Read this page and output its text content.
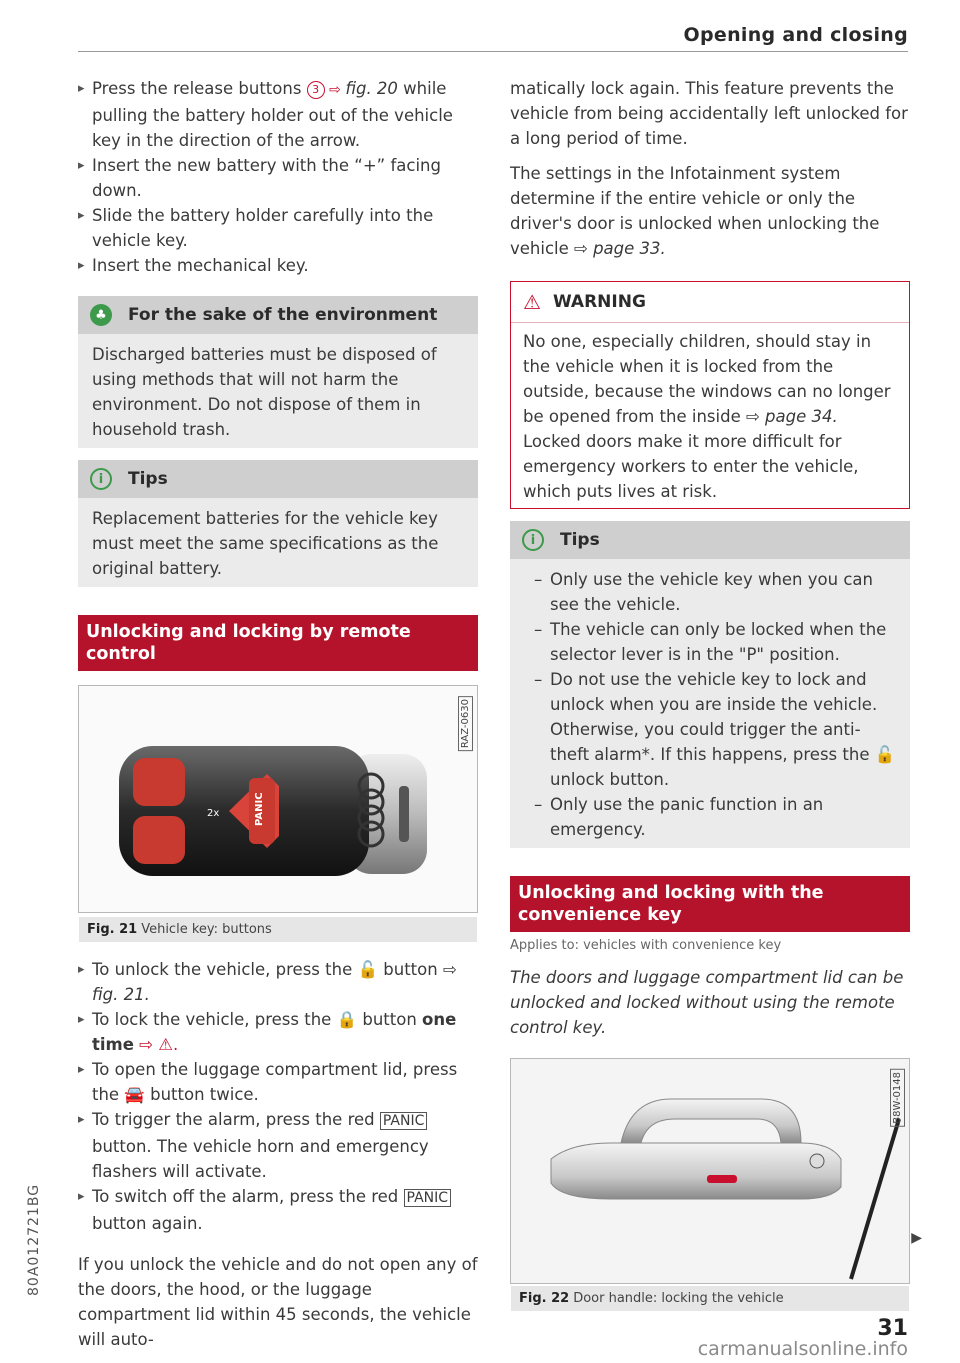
Opening and closing
80A012721BG
▸ Press the release buttons 3 ⇨ fig. 20 while pulling the battery holder out of the vehicle key in the direction of the arrow.
▸ Insert the new battery with the “+” facing down.
▸ Slide the battery holder carefully into the vehicle key.
▸ Insert the mechanical key.
♣	For the sake of the environment

Discharged batteries must be disposed of using methods that will not harm the environment. Do not dispose of them in household trash.

i	Tips

Replacement batteries for the vehicle key must meet the same specifications as the original battery.

Unlocking and locking by remote control
RAZ-0630
PANIC
2x
Fig. 21 Vehicle key: buttons
▸ To unlock the vehicle, press the 🔓 button ⇨ fig. 21.
▸ To lock the vehicle, press the 🔒 button one time ⇨ ⚠.
▸ To open the luggage compartment lid, press the 🚘 button twice.
▸ To trigger the alarm, press the red PANIC button. The vehicle horn and emergency flashers will activate.
▸ To switch off the alarm, press the red PANIC button again.

If you unlock the vehicle and do not open any of the doors, the hood, or the luggage compartment lid within 45 seconds, the vehicle will auto-

matically lock again. This feature prevents the vehicle from being accidentally left unlocked for a long period of time.

The settings in the Infotainment system determine if the entire vehicle or only the driver's door is unlocked when unlocking the vehicle ⇨ page 33.

⚠ WARNING

No one, especially children, should stay in the vehicle when it is locked from the outside, because the windows can no longer be opened from the inside ⇨ page 34. Locked doors make it more difficult for emergency workers to enter the vehicle, which puts lives at risk.

i	Tips

– Only use the vehicle key when you can see the vehicle.

– The vehicle can only be locked when the selector lever is in the "P" position.

– Do not use the vehicle key to lock and unlock when you are inside the vehicle. Otherwise, you could trigger the anti-theft alarm*. If this happens, press the 🔓 unlock button.

– Only use the panic function in an emergency.

Unlocking and locking with the convenience key
Applies to: vehicles with convenience key

The doors and luggage compartment lid can be unlocked and locked without using the remote control key.

B8W-0148
Fig. 22 Door handle: locking the vehicle
▶
31
carmanualsonline.info
